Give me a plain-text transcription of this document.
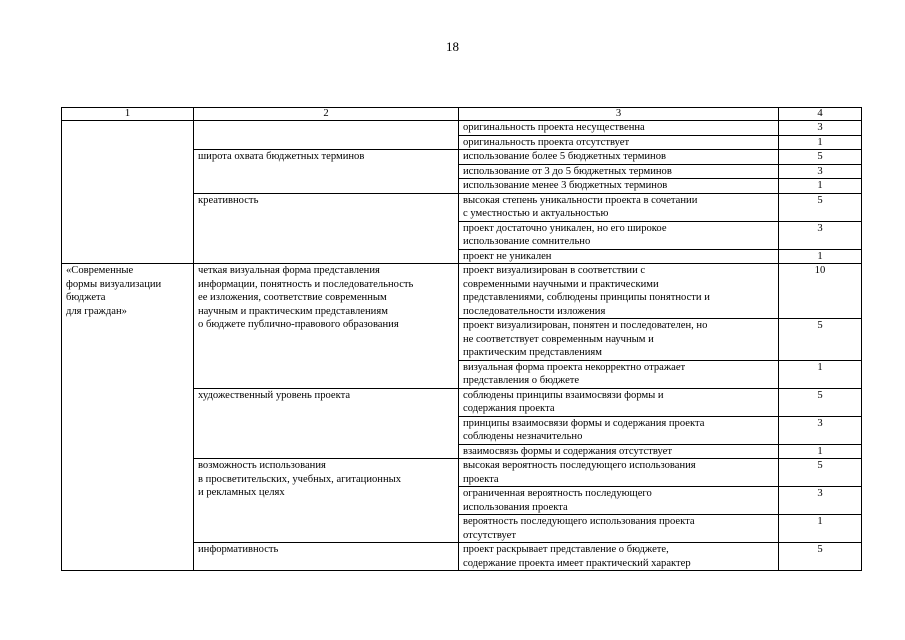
18
1	2	3	4
		оригинальность проекта несущественна	3
		оригинальность проекта отсутствует	1
	широта охвата бюджетных терминов	использование более 5 бюджетных терминов	5
		использование от 3 до 5 бюджетных терминов	3
		использование менее 3 бюджетных терминов	1
	креативность	высокая степень уникальности проекта в сочетании
с уместностью и актуальностью	5
		проект достаточно уникален, но его широкое
использование сомнительно	3
		проект не уникален	1
«Современные
формы визуализации
бюджета
для граждан»	четкая визуальная форма представления
информации, понятность и последовательность
ее изложения, соответствие современным
научным и практическим представлениям
о бюджете публично-правового образования	проект визуализирован в соответствии с
современными научными и практическими
представлениями, соблюдены принципы понятности и
последовательности изложения	10
		проект визуализирован, понятен и последователен, но
не соответствует современным научным и
практическим представлениям	5
		визуальная форма проекта некорректно отражает
представления о бюджете	1
	художественный уровень проекта	соблюдены принципы взаимосвязи формы и
содержания проекта	5
		принципы взаимосвязи формы и содержания проекта
соблюдены незначительно	3
		взаимосвязь формы и содержания отсутствует	1
	возможность использования
в просветительских, учебных, агитационных
и рекламных целях	высокая вероятность последующего использования
проекта	5
		ограниченная вероятность последующего
использования проекта	3
		вероятность последующего использования проекта
отсутствует	1
	информативность	проект раскрывает представление о бюджете,
содержание проекта имеет практический характер	5
